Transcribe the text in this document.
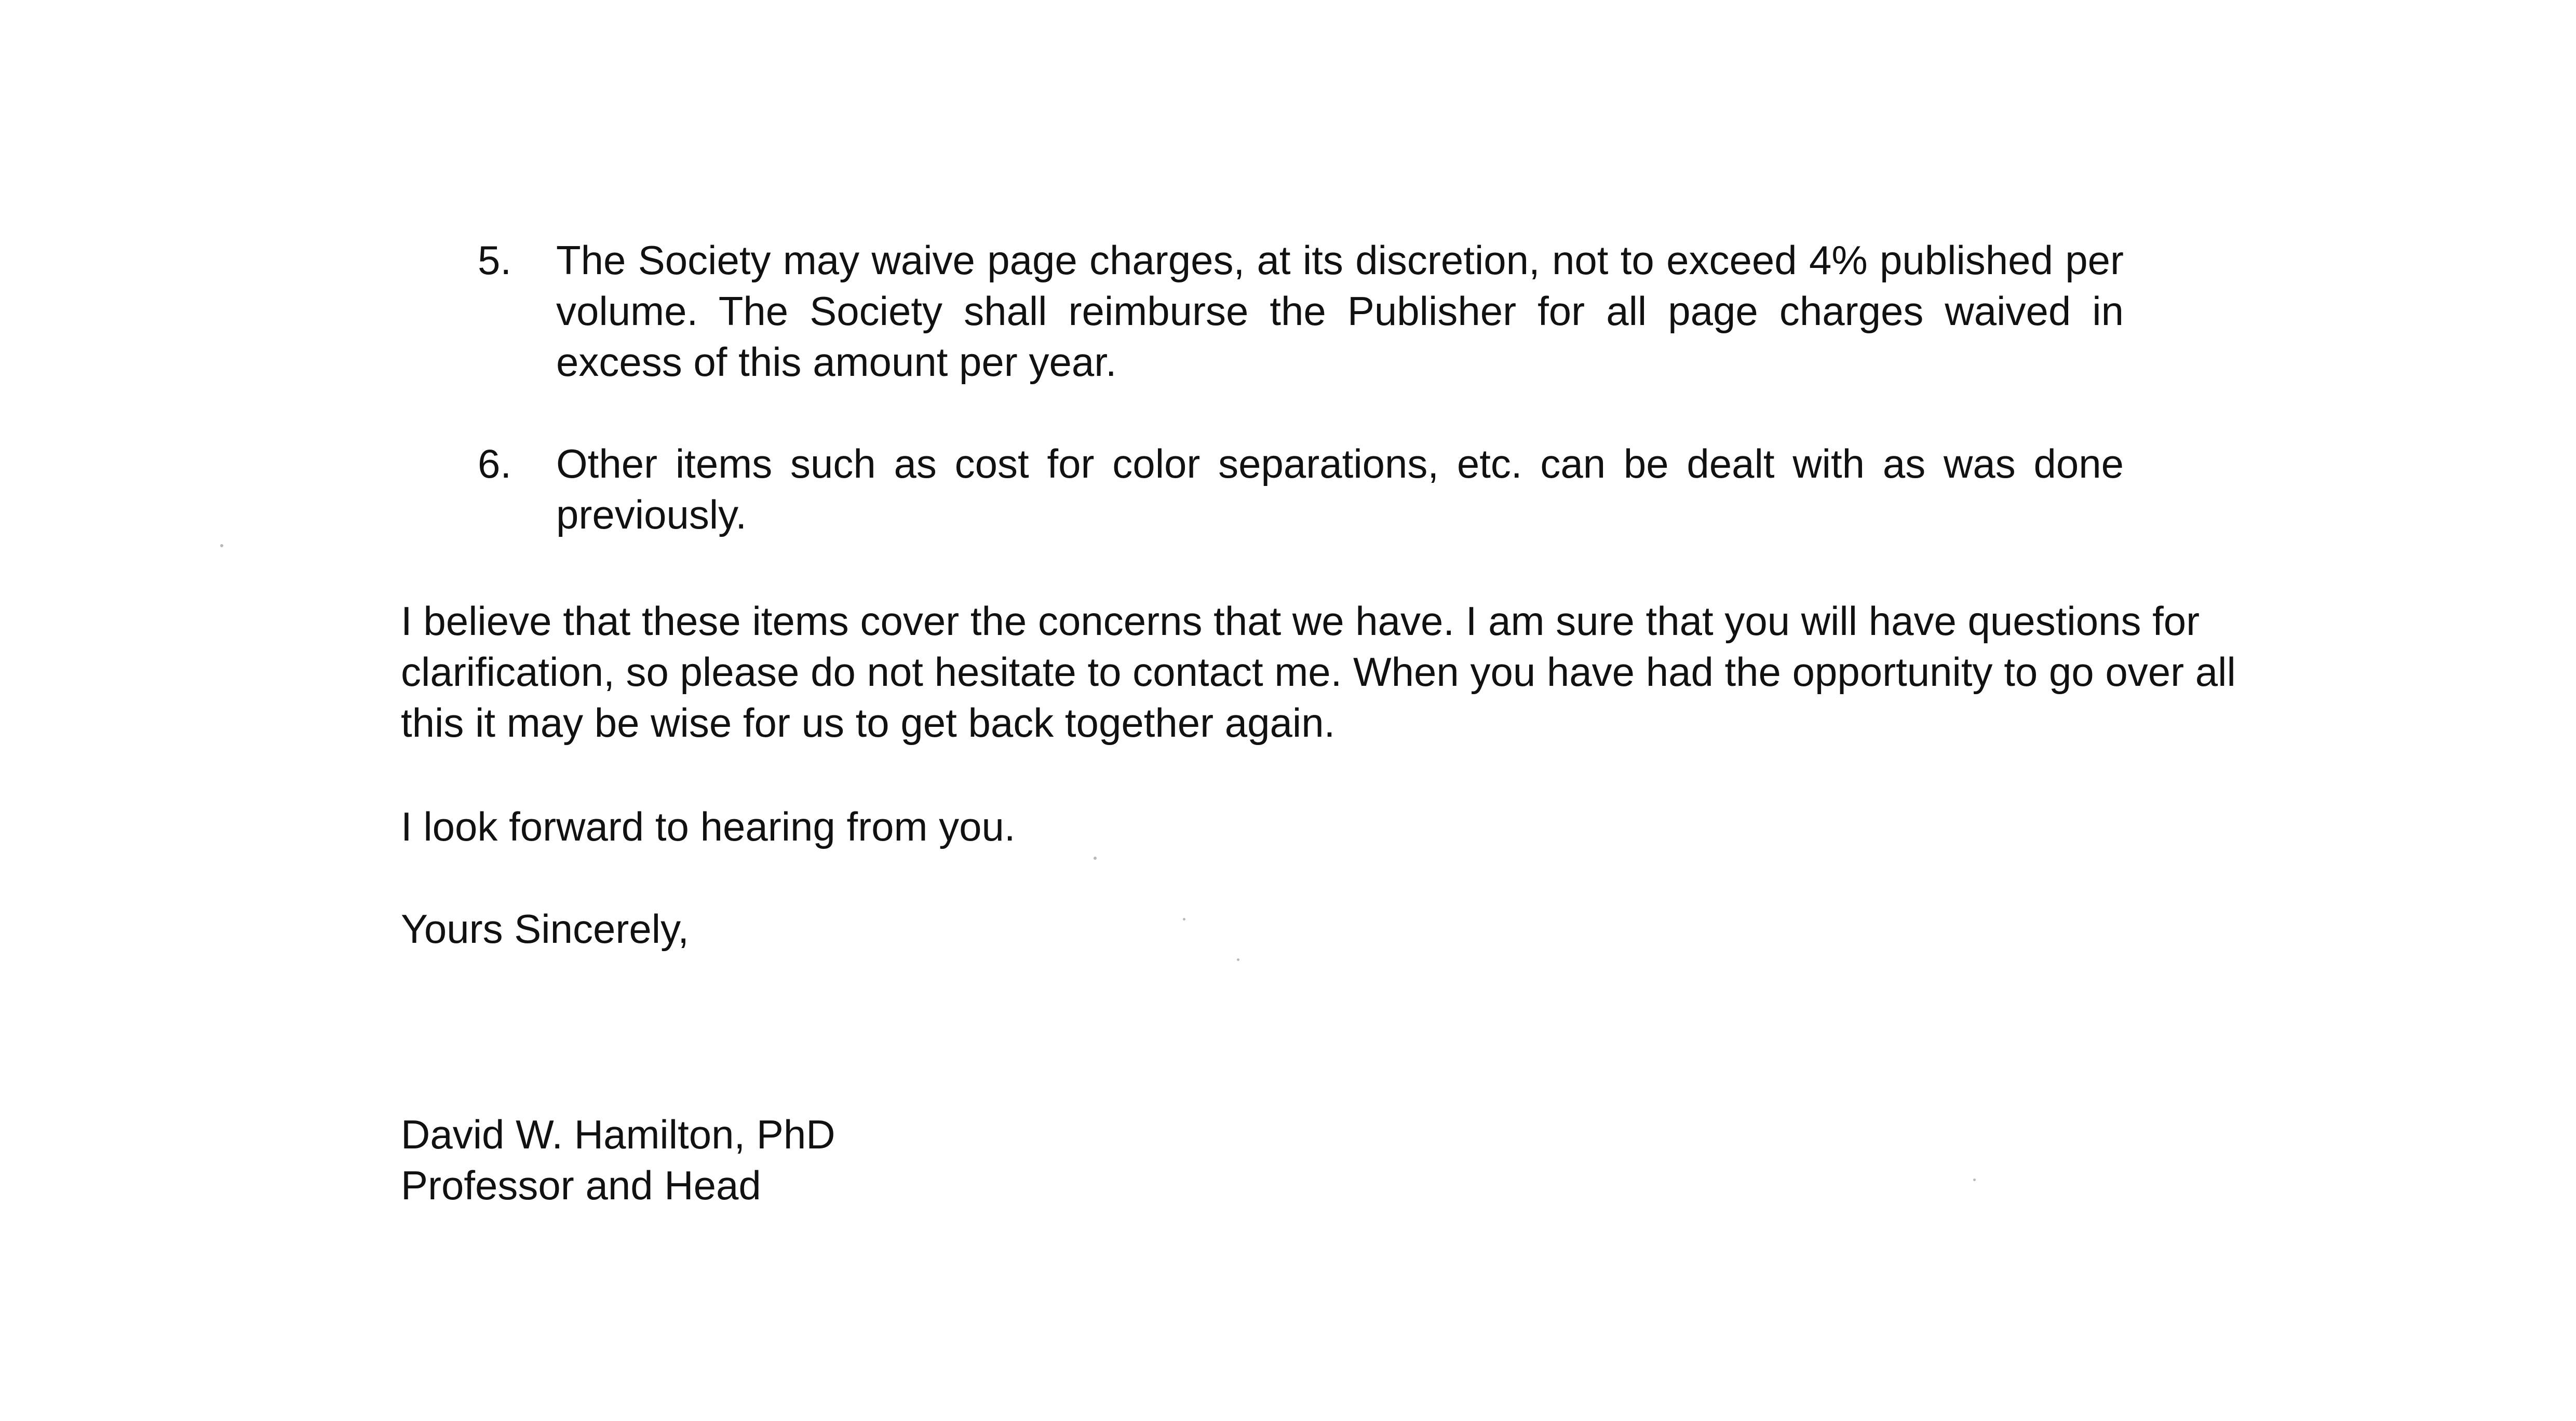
5.	The Society may waive page charges, at its discretion, not to exceed 4% published per volume. The Society shall reimburse the Publisher for all page charges waived in excess of this amount per year.
6.	Other items such as cost for color separations, etc. can be dealt with as was done previously.
I believe that these items cover the concerns that we have. I am sure that you will have questions for clarification, so please do not hesitate to contact me. When you have had the opportunity to go over all this it may be wise for us to get back together again.
I look forward to hearing from you.
Yours Sincerely,
David W. Hamilton, PhD
Professor and Head
